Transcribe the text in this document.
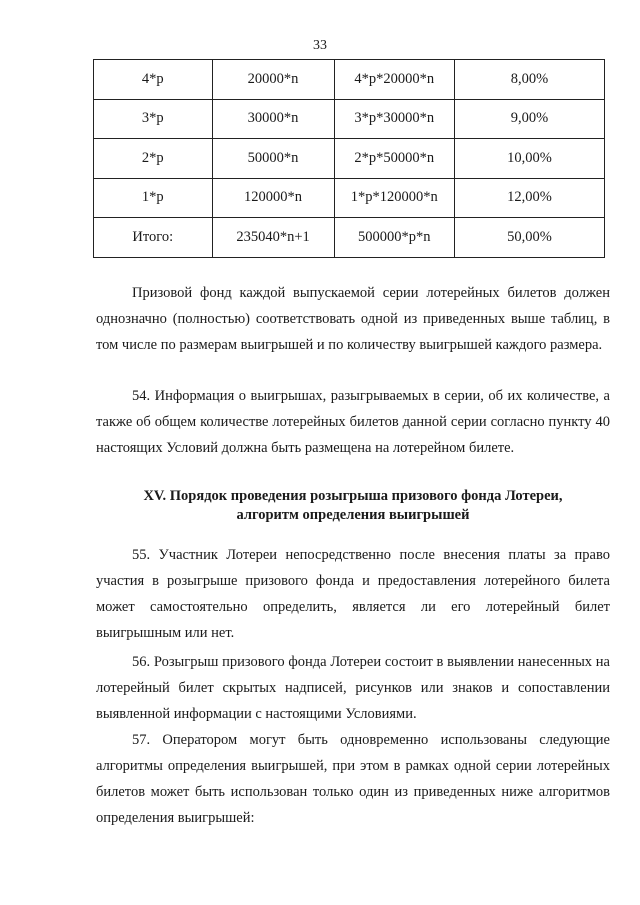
33
4*p	20000*n	4*p*20000*n	8,00%
3*p	30000*n	3*p*30000*n	9,00%
2*p	50000*n	2*p*50000*n	10,00%
1*p	120000*n	1*p*120000*n	12,00%
Итого:	235040*n+1	500000*p*n	50,00%

Призовой фонд каждой выпускаемой серии лотерейных билетов должен однозначно (полностью) соответствовать одной из приведенных выше таблиц, в том числе по размерам выигрышей и по количеству выигрышей каждого размера.

54. Информация о выигрышах, разыгрываемых в серии, об их количестве, а также об общем количестве лотерейных билетов данной серии согласно пункту 40 настоящих Условий должна быть размещена на лотерейном билете.

XV. Порядок проведения розыгрыша призового фонда Лотереи,
алгоритм определения выигрышей

55. Участник Лотереи непосредственно после внесения платы за право участия в розыгрыше призового фонда и предоставления лотерейного билета может самостоятельно определить, является ли его лотерейный билет выигрышным или нет.

56. Розыгрыш призового фонда Лотереи состоит в выявлении нанесенных на лотерейный билет скрытых надписей, рисунков или знаков и сопоставлении выявленной информации с настоящими Условиями.

57. Оператором могут быть одновременно использованы следующие алгоритмы определения выигрышей, при этом в рамках одной серии лотерейных билетов может быть использован только один из приведенных ниже алгоритмов определения выигрышей:
